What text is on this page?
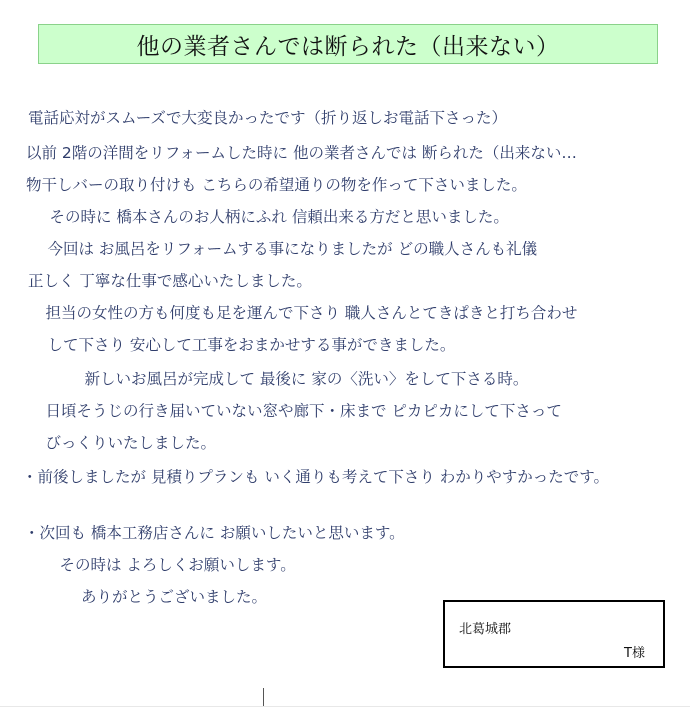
他の業者さんでは断られた（出来ない）
電話応対がスムーズで大変良かったです（折り返しお電話下さった）
以前 2階の洋間をリフォームした時に 他の業者さんでは 断られた（出来ない…
物干しバーの取り付けも こちらの希望通りの物を作って下さいました。
　その時に 橋本さんのお人柄にふれ 信頼出来る方だと思いました。
　今回は お風呂をリフォームする事になりましたが どの職人さんも礼儀
正しく 丁寧な仕事で感心いたしました。
　担当の女性の方も何度も足を運んで下さり 職人さんとてきぱきと打ち合わせ
　して下さり 安心して工事をおまかせする事ができました。
　　　新しいお風呂が完成して 最後に 家の〈洗い〉をして下さる時。
　日頃そうじの行き届いていない窓や廊下・床まで ピカピカにして下さって
　びっくりいたしました。
・前後しましたが 見積りプランも いく通りも考えて下さり わかりやすかったです。
・次回も 橋本工務店さんに お願いしたいと思います。
　その時は よろしくお願いします。
　　ありがとうございました。
北葛城郡
T様
